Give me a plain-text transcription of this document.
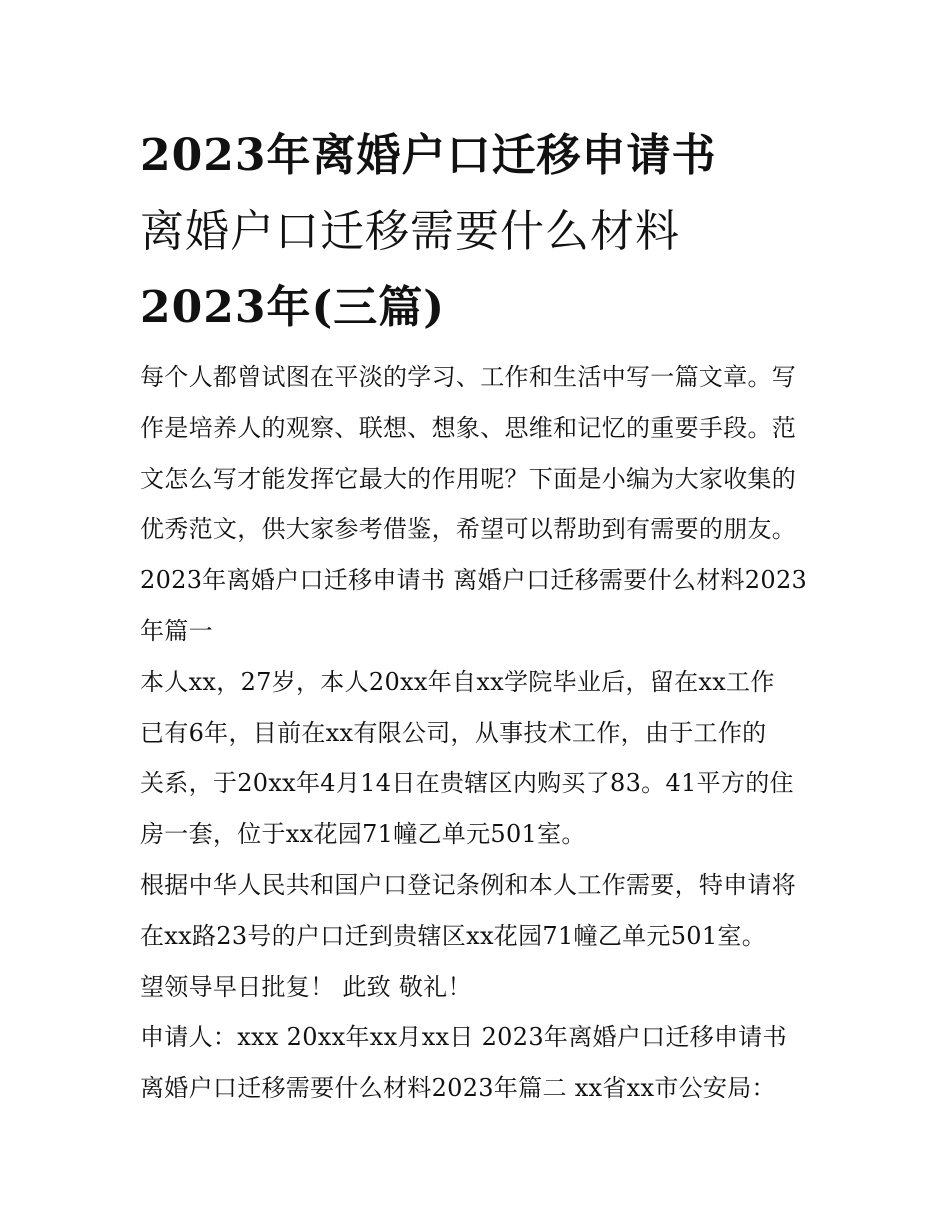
2023年离婚户口迁移申请书
离婚户口迁移需要什么材料
2023年(三篇)
每个人都曾试图在平淡的学习、工作和生活中写一篇文章。写
作是培养人的观察、联想、想象、思维和记忆的重要手段。范
文怎么写才能发挥它最大的作用呢？下面是小编为大家收集的
优秀范文，供大家参考借鉴，希望可以帮助到有需要的朋友。
2023年离婚户口迁移申请书 离婚户口迁移需要什么材料2023
年篇一
本人xx，27岁，本人20xx年自xx学院毕业后，留在xx工作
已有6年，目前在xx有限公司，从事技术工作，由于工作的
关系，于20xx年4月14日在贵辖区内购买了83。41平方的住
房一套，位于xx花园71幢乙单元501室。
根据中华人民共和国户口登记条例和本人工作需要，特申请将
在xx路23号的户口迁到贵辖区xx花园71幢乙单元501室。
望领导早日批复！ 此致 敬礼！
申请人：xxx 20xx年xx月xx日 2023年离婚户口迁移申请书
离婚户口迁移需要什么材料2023年篇二 xx省xx市公安局：
